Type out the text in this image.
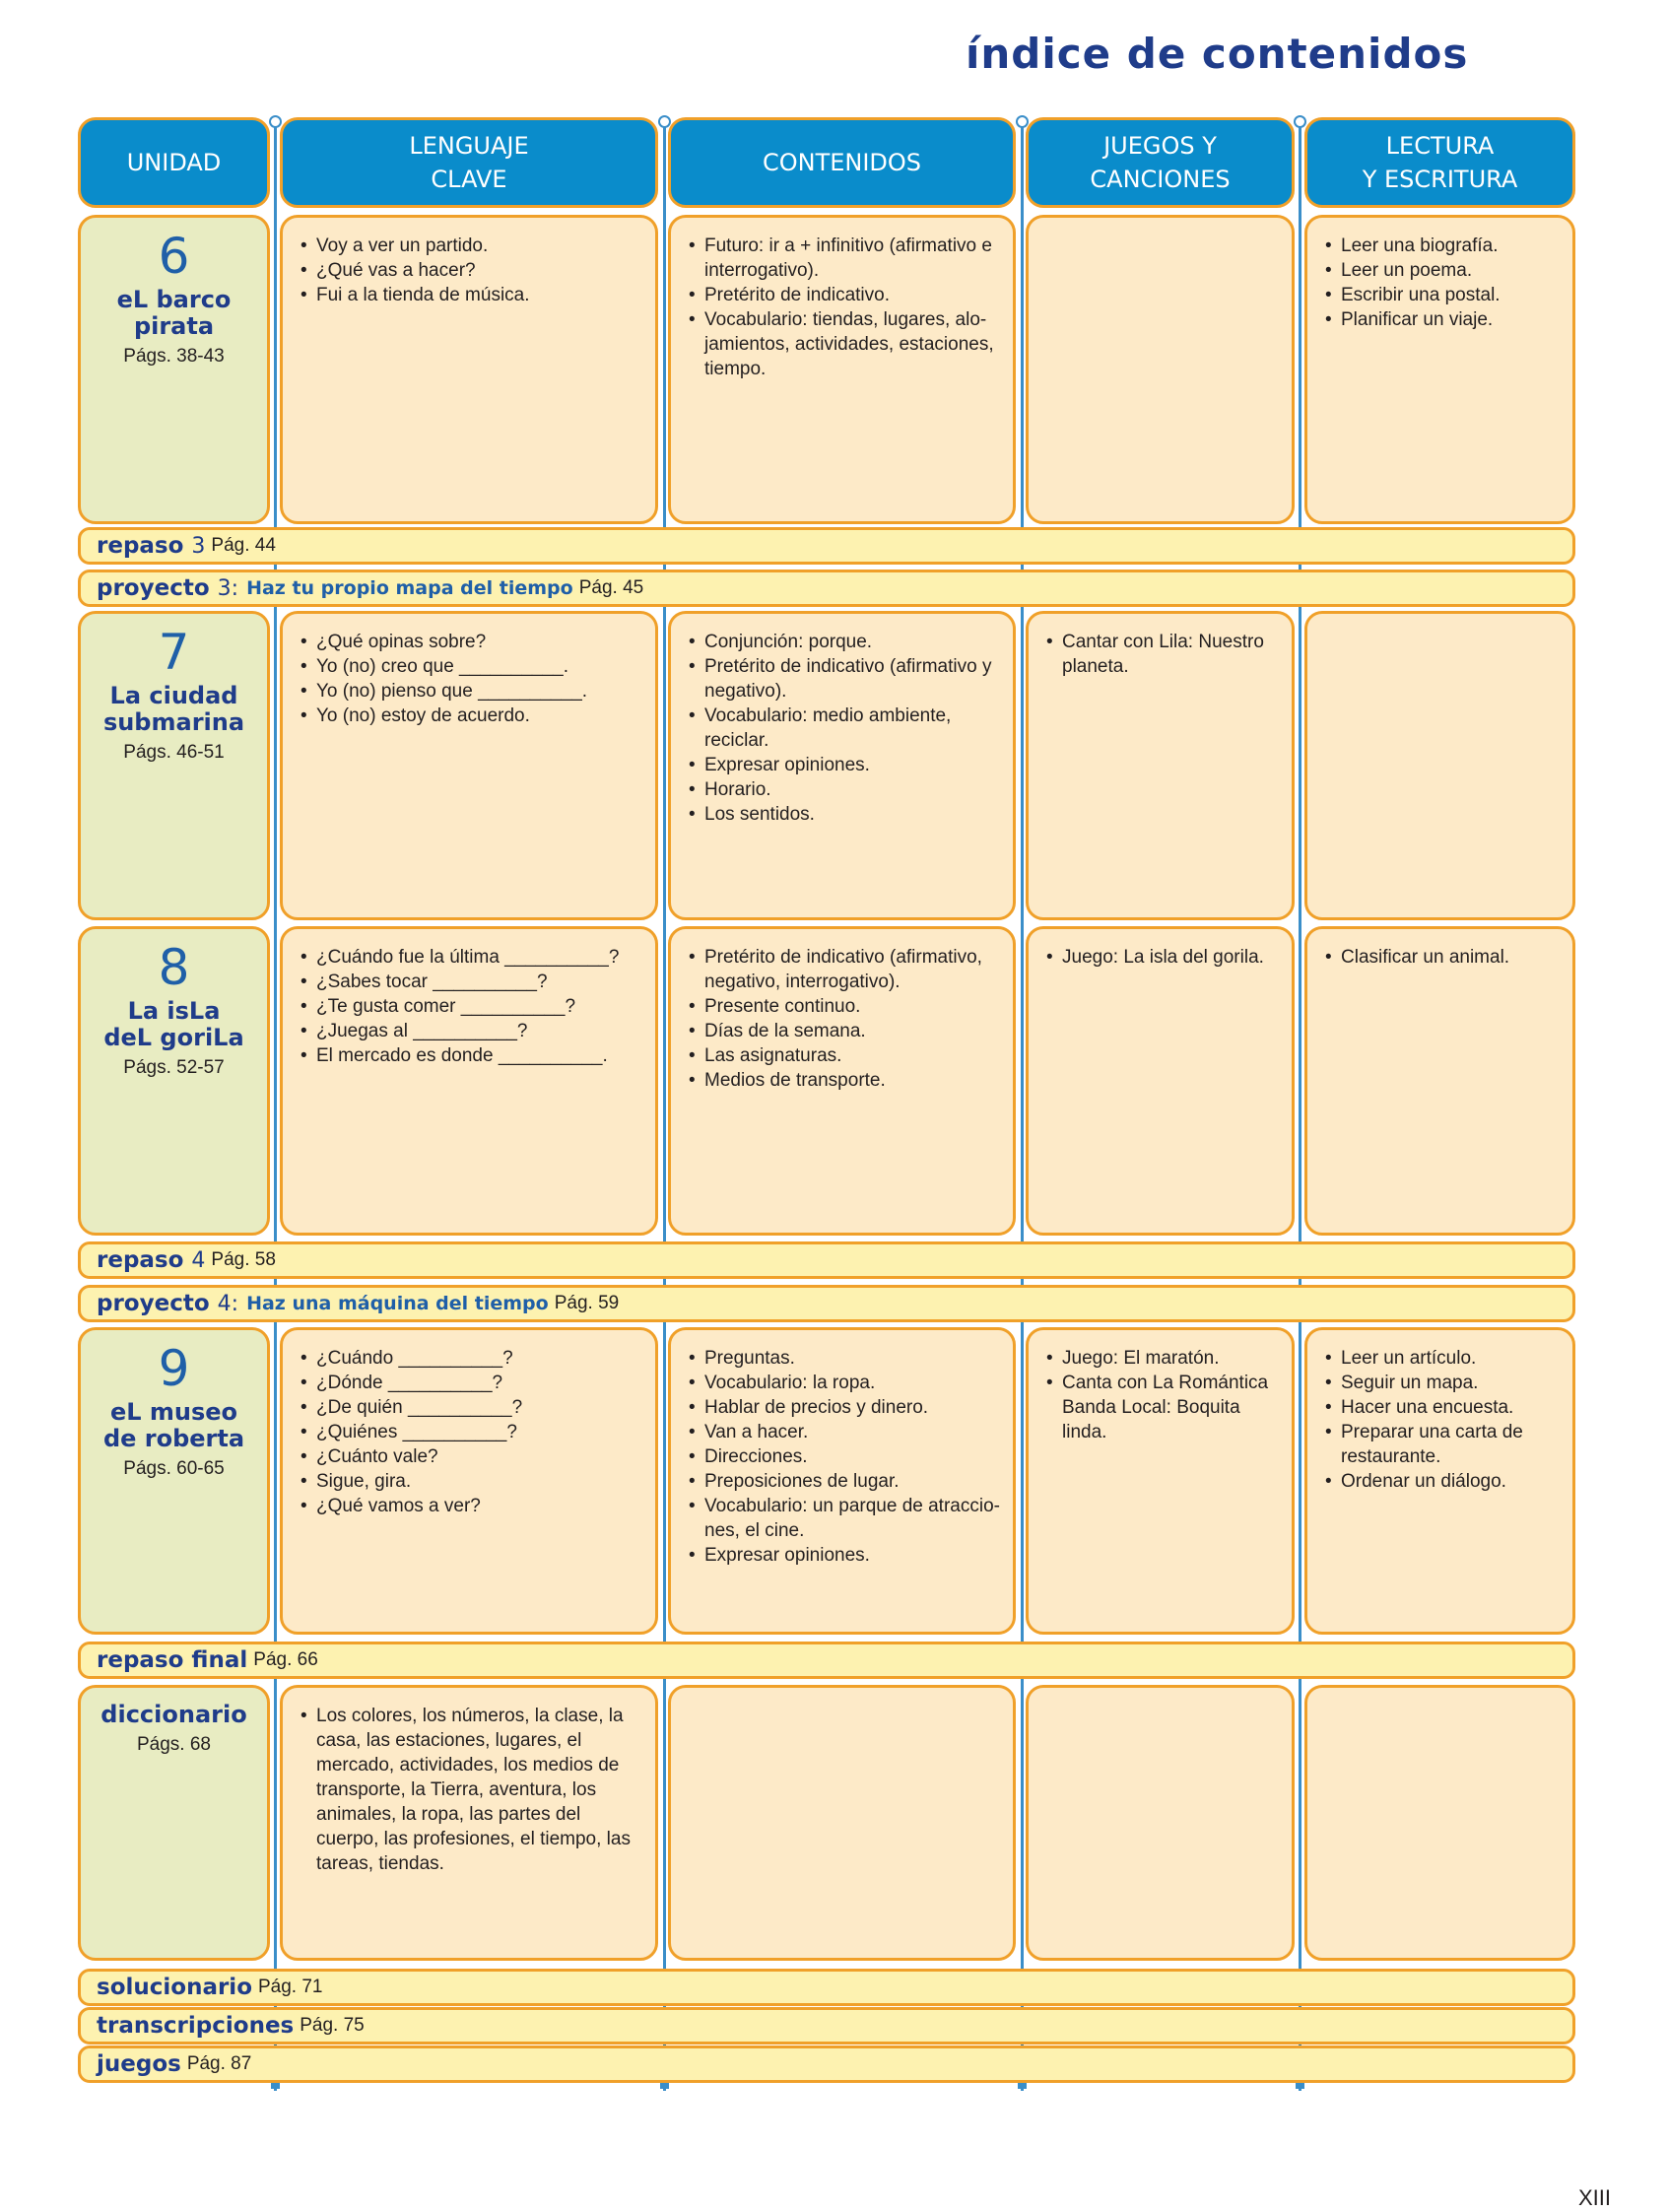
índice de contenidos
UNIDAD
LENGUAJE
CLAVE
CONTENIDOS
JUEGOS Y
CANCIONES
LECTURA
Y ESCRITURA
6
eL barco
pirata
Págs. 38-43
• Voy a ver un partido.
• ¿Qué vas a hacer?
• Fui a la tienda de música.
• Futuro: ir a + infinitivo (afirmativo e interrogativo).
• Pretérito de indicativo.
• Vocabulario: tiendas, lugares, alo-jamientos, actividades, estaciones, tiempo.
• Leer una biografía.
• Leer un poema.
• Escribir una postal.
• Planificar un viaje.
repaso 3 Pág. 44
proyecto 3: Haz tu propio mapa del tiempo Pág. 45
7
La ciudad
submarina
Págs. 46-51
• ¿Qué opinas sobre?
• Yo (no) creo que __________.
• Yo (no) pienso que __________.
• Yo (no) estoy de acuerdo.
• Conjunción: porque.
• Pretérito de indicativo (afirmativo y negativo).
• Vocabulario: medio ambiente, reciclar.
• Expresar opiniones.
• Horario.
• Los sentidos.
• Cantar con Lila: Nuestro planeta.
8
La isLa
deL goriLa
Págs. 52-57
• ¿Cuándo fue la última __________?
• ¿Sabes tocar __________?
• ¿Te gusta comer __________?
• ¿Juegas al __________?
• El mercado es donde __________.
• Pretérito de indicativo (afirmativo, negativo, interrogativo).
• Presente continuo.
• Días de la semana.
• Las asignaturas.
• Medios de transporte.
• Juego: La isla del gorila.
•	Clasificar un animal.
repaso 4 Pág. 58
proyecto 4: Haz una máquina del tiempo Pág. 59
9
eL museo
de roberta
Págs. 60-65
• ¿Cuándo __________?
• ¿Dónde __________?
• ¿De quién __________?
• ¿Quiénes __________?
• ¿Cuánto vale?
• Sigue, gira.
• ¿Qué vamos a ver?
• Preguntas.
• Vocabulario: la ropa.
• Hablar de precios y dinero.
• Van a hacer.
• Direcciones.
• Preposiciones de lugar.
• Vocabulario: un parque de atraccio-nes, el cine.
• Expresar opiniones.
• Juego: El maratón.
• Canta con La Romántica Banda Local: Boquita linda.
• Leer un artículo.
• Seguir un mapa.
• Hacer una encuesta.
• Preparar una carta de restaurante.
• Ordenar un diálogo.
repaso final Pág. 66
diccionario
Págs. 68
• Los colores, los números, la clase, la casa, las estaciones, lugares, el mercado, actividades, los medios de transporte, la Tierra, aventura, los animales, la ropa, las partes del cuerpo, las profesiones, el tiempo, las tareas, tiendas.
solucionario Pág. 71
transcripciones Pág. 75
juegos Pág. 87
XIII
